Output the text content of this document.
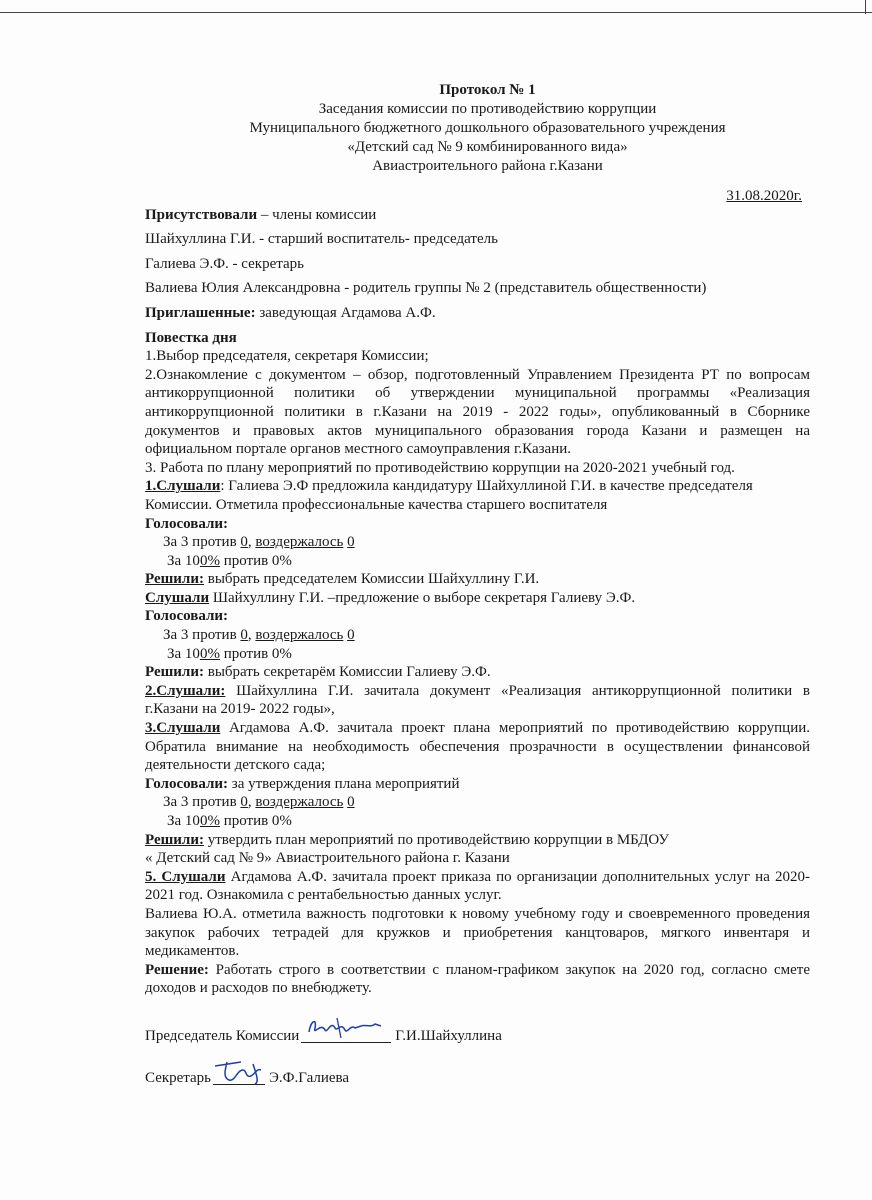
Протокол № 1
Заседания комиссии по противодействию коррупции
Муниципального бюджетного дошкольного образовательного учреждения
«Детский сад № 9 комбинированного вида»
Авиастроительного района г.Казани
31.08.2020г.

Присутствовали – члены комиссии

Шайхуллина Г.И. - старший воспитатель- председатель

Галиева Э.Ф. - секретарь

Валиева Юлия Александровна - родитель группы № 2 (представитель общественности)

Приглашенные: заведующая Агдамова А.Ф.

Повестка дня

1.Выбор председателя, секретаря Комиссии;

2.Ознакомление с документом – обзор, подготовленный Управлением Президента РТ по вопросам антикоррупционной политики об утверждении муниципальной программы «Реализация антикоррупционной политики в г.Казани на 2019 - 2022 годы», опубликованный в Сборнике документов и правовых актов муниципального образования города Казани и размещен на официальном портале органов местного самоуправления г.Казани.

3. Работа по плану мероприятий по противодействию коррупции на 2020-2021 учебный год.

1.Слушали: Галиева Э.Ф предложила кандидатуру Шайхуллиной Г.И. в качестве председателя Комиссии. Отметила профессиональные качества старшего воспитателя

Голосовали:

За 3 против 0, воздержалось 0

За 100% против 0%

Решили: выбрать председателем Комиссии Шайхуллину Г.И.

Слушали Шайхуллину Г.И. –предложение о выборе секретаря Галиеву Э.Ф.

Голосовали:

За 3 против 0, воздержалось 0

За 100% против 0%

Решили: выбрать секретарём Комиссии Галиеву Э.Ф.

2.Слушали: Шайхуллина Г.И. зачитала документ «Реализация антикоррупционной политики в г.Казани на 2019- 2022 годы»,

3.Слушали Агдамова А.Ф. зачитала проект плана мероприятий по противодействию коррупции. Обратила внимание на необходимость обеспечения прозрачности в осуществлении финансовой деятельности детского сада;

Голосовали: за утверждения плана мероприятий

За 3 против 0, воздержалось 0

За 100% против 0%

Решили: утвердить план мероприятий по противодействию коррупции в МБДОУ

« Детский сад № 9» Авиастроительного района г. Казани

5. Слушали Агдамова А.Ф. зачитала проект приказа по организации дополнительных услуг на 2020-2021 год. Ознакомила с рентабельностью данных услуг.

Валиева Ю.А. отметила важность подготовки к новому учебному году и своевременного проведения закупок рабочих тетрадей для кружков и приобретения канцтоваров, мягкого инвентаря и медикаментов.

Решение: Работать строго в соответствии с планом-графиком закупок на 2020 год, согласно смете доходов и расходов по внебюджету.

Председатель Комиссии	Г.И.Шайхуллина
Секретарь	Э.Ф.Галиева
